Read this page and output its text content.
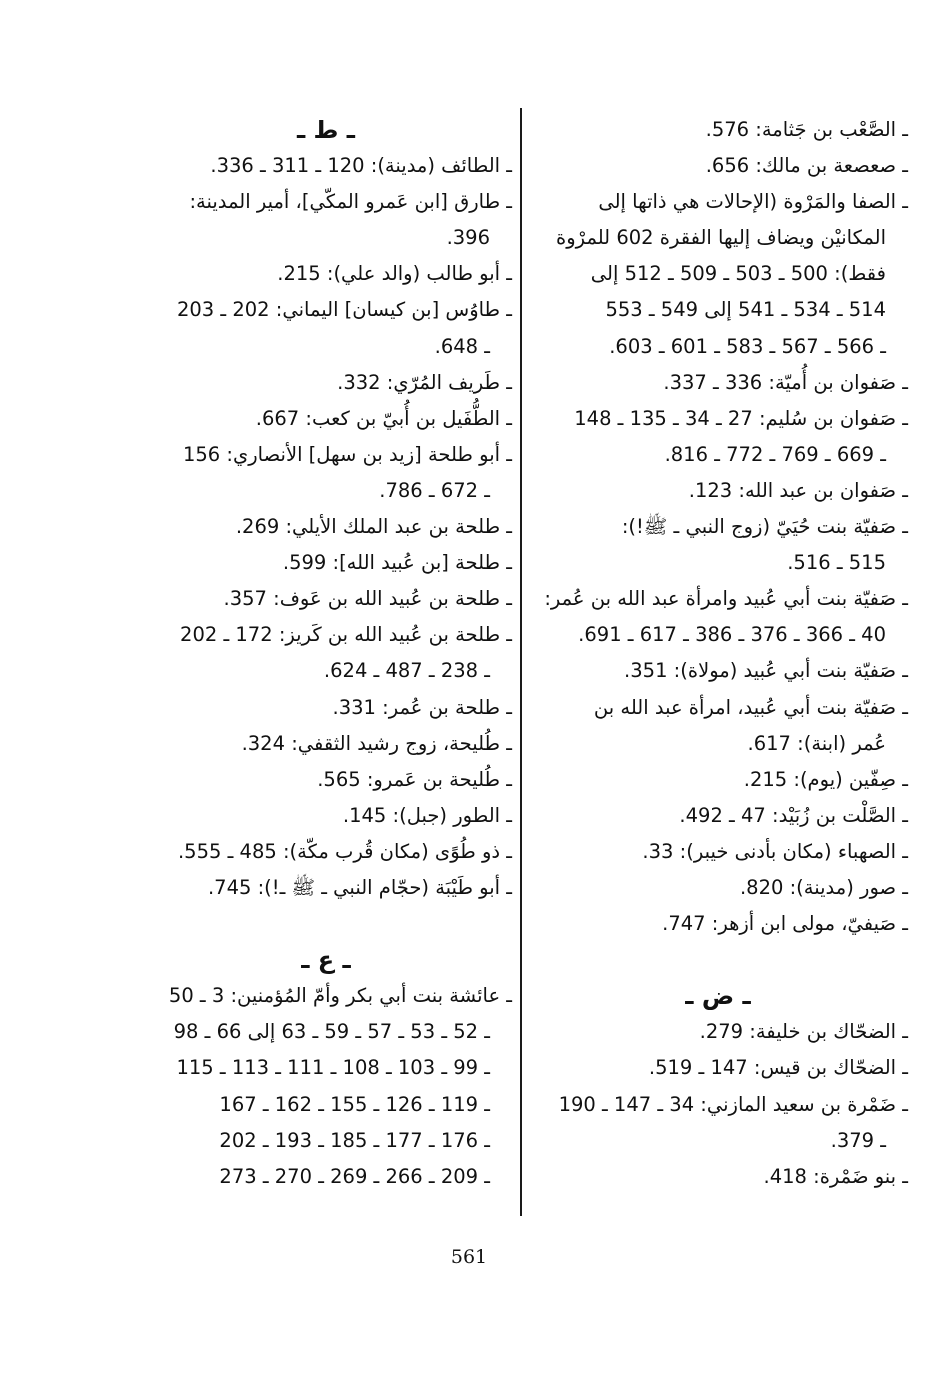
ـ الصَّعْب بن جَثامة: 576.
ـ صعصعة بن مالك: 656.
ـ الصفا والمَرْوة (الإحالات هي ذاتها إلى
المكانيْن ويضاف إليها الفقرة 602 للمرْوة
فقط): 500 ـ 503 ـ 509 ـ 512 إلى
514 ـ 534 ـ 541 إلى 549 ـ 553
ـ 566 ـ 567 ـ 583 ـ 601 ـ 603.
ـ صَفوان بن أُميّة: 336 ـ 337.
ـ صَفوان بن سُليم: 27 ـ 34 ـ 135 ـ 148
ـ 669 ـ 769 ـ 772 ـ 816.
ـ صَفوان بن عبد الله: 123.
ـ صَفيّة بنت حُيَيّ (زوج النبي ـ ﷺ!):
515 ـ 516.
ـ صَفيّة بنت أبي عُبيد وامرأة عبد الله بن عُمر:
40 ـ 366 ـ 376 ـ 386 ـ 617 ـ 691.
ـ صَفيّة بنت أبي عُبيد (مولاة): 351.
ـ صَفيّة بنت أبي عُبيد، امرأة عبد الله بن
عُمر (ابنة): 617.
ـ صِفّين (يوم): 215.
ـ الصَّلْت بن زُبَيْد: 47 ـ 492.
ـ الصهباء (مكان بأدنى خيبر): 33.
ـ صور (مدينة): 820.
ـ صَيفيّ، مولى ابن أزهر: 747.
ـ ض ـ
ـ الضحّاك بن خليفة: 279.
ـ الضحّاك بن قيس: 147 ـ 519.
ـ ضَمْرة بن سعيد المازني: 34 ـ 147 ـ 190
ـ 379.
ـ بنو ضَمْرة: 418.
ـ ط ـ
ـ الطائف (مدينة): 120 ـ 311 ـ 336.
ـ طارق [ابن عَمرو المكّي]، أمير المدينة:
396.
ـ أبو طالب (والد علي): 215.
ـ طاوُس [بن كيسان] اليماني: 202 ـ 203
ـ 648.
ـ طَريف المُرّي: 332.
ـ الطُّفَيل بن أُبيّ بن كعب: 667.
ـ أبو طلحة [زيد بن سهل] الأنصاري: 156
ـ 672 ـ 786.
ـ طلحة بن عبد الملك الأيلي: 269.
ـ طلحة [بن عُبيد الله]: 599.
ـ طلحة بن عُبيد الله بن عَوف: 357.
ـ طلحة بن عُبيد الله بن كَريز: 172 ـ 202
ـ 238 ـ 487 ـ 624.
ـ طلحة بن عُمر: 331.
ـ طُليحة، زوج رشيد الثقفي: 324.
ـ طُليحة بن عَمرو: 565.
ـ الطور (جبل): 145.
ـ ذو طُوًى (مكان قُرب مكّة): 485 ـ 555.
ـ أبو طَيْبَة (حجّام النبي ـ ﷺ ـ!): 745.
ـ ع ـ
ـ عائشة بنت أبي بكر وأمّ المُؤمنين: 3 ـ 50
ـ 52 ـ 53 ـ 57 ـ 59 ـ 63 إلى 66 ـ 98
ـ 99 ـ 103 ـ 108 ـ 111 ـ 113 ـ 115
ـ 119 ـ 126 ـ 155 ـ 162 ـ 167
ـ 176 ـ 177 ـ 185 ـ 193 ـ 202
ـ 209 ـ 266 ـ 269 ـ 270 ـ 273
561
